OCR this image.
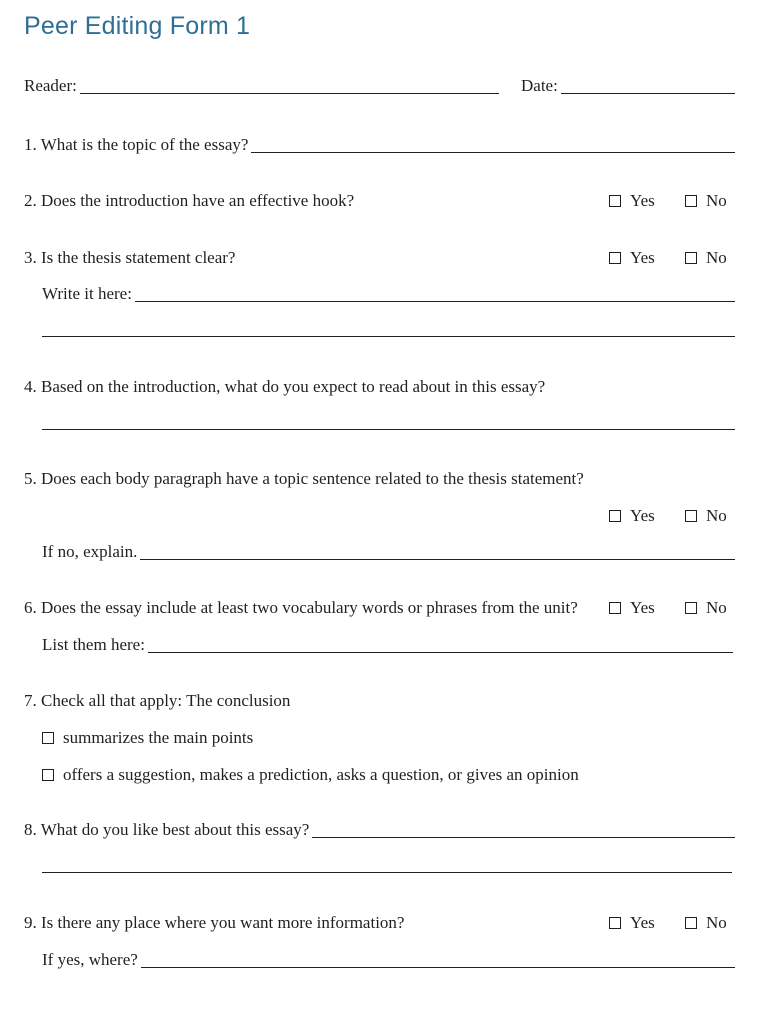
Peer Editing Form 1
Reader:	Date:
1. What is the topic of the essay?
2. Does the introduction have an effective hook?	Yes	No
3. Is the thesis statement clear?	Yes	No
Write it here:
4. Based on the introduction, what do you expect to read about in this essay?
5. Does each body paragraph have a topic sentence related to the thesis statement?
Yes	No
If no, explain.
6. Does the essay include at least two vocabulary words or phrases from the unit?	Yes	No
List them here:
7. Check all that apply: The conclusion
summarizes the main points
offers a suggestion, makes a prediction, asks a question, or gives an opinion
8. What do you like best about this essay?
9. Is there any place where you want more information?	Yes	No
If yes, where?
